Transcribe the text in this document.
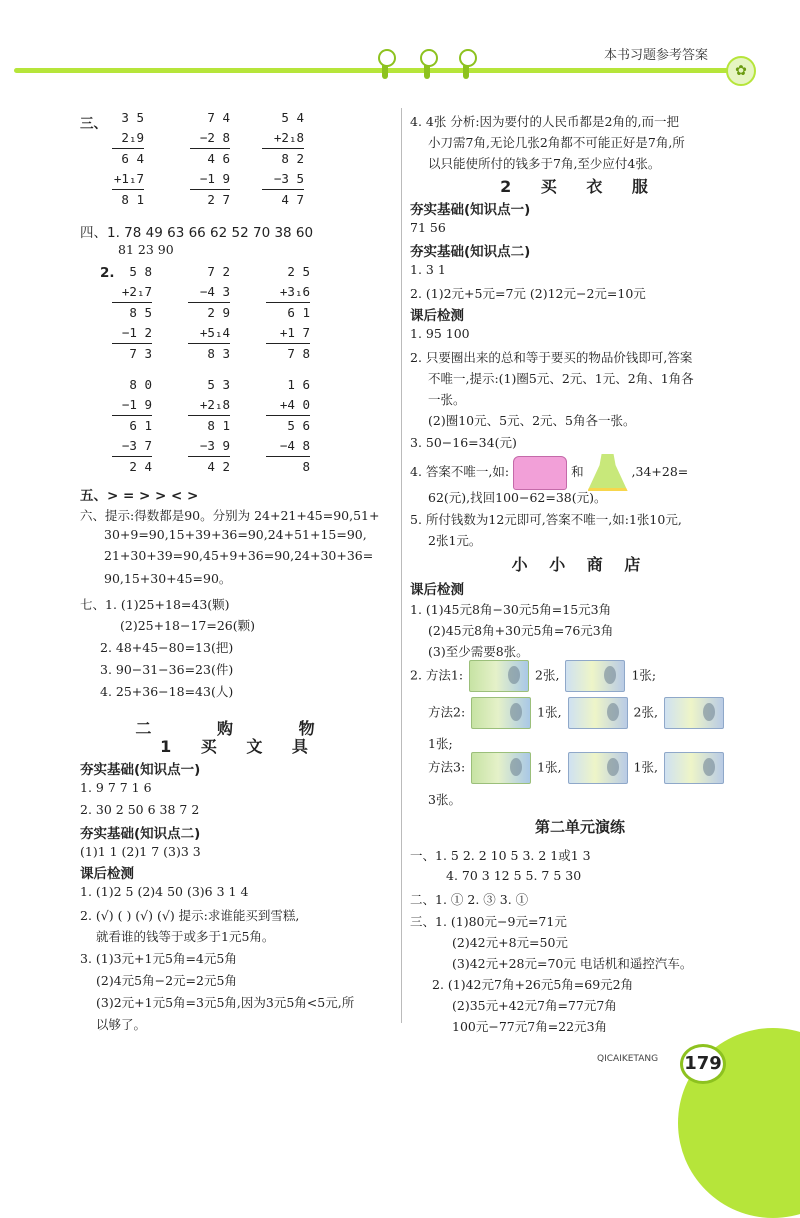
本书习题参考答案
✿
三、	3 5
2₁9
6 4
+1₁7
8 1
7 4
−2 8
4 6
−1 9
2 7
5 4
+2₁8
8 2
−3 5
4 7
四、1. 78 49 63 66 62 52 70 38 60
81 23 90
2.	5 8
+2₁7
8 5
−1 2
7 3
7 2
−4 3
2 9
+5₁4
8 3
2 5
+3₁6
6 1
+1 7
7 8
8 0
−1 9
6 1
−3 7
2 4
5 3
+2₁8
8 1
−3 9
4 2
1 6
+4 0
5 6
−4 8
8
五、> = > > < >
六、提示:得数都是90。分别为 24+21+45=90,51+
30+9=90,15+39+36=90,24+51+15=90,
21+30+39=90,45+9+36=90,24+30+36=
90,15+30+45=90。
七、1. (1)25+18=43(颗)
(2)25+18−17=26(颗)
2. 48+45−80=13(把)
3. 90−31−36=23(件)
4. 25+36−18=43(人)
二 购 物
1 买 文 具
夯实基础(知识点一)
1. 9 7 7 1 6
2. 30 2 50 6 38 7 2
夯实基础(知识点二)
(1)1 1 (2)1 7 (3)3 3
课后检测
1. (1)2 5 (2)4 50 (3)6 3 1 4
2. (√) ( ) (√) (√) 提示:求谁能买到雪糕,
就看谁的钱等于或多于1元5角。
3. (1)3元+1元5角=4元5角
(2)4元5角−2元=2元5角
(3)2元+1元5角=3元5角,因为3元5角<5元,所
以够了。
4. 4张 分析:因为要付的人民币都是2角的,而一把
小刀需7角,无论几张2角都不可能正好是7角,所
以只能使所付的钱多于7角,至少应付4张。
2 买 衣 服
夯实基础(知识点一)
71 56
夯实基础(知识点二)
1. 3 1
2. (1)2元+5元=7元 (2)12元−2元=10元
课后检测
1. 95 100
2. 只要圈出来的总和等于要买的物品价钱即可,答案
不唯一,提示:(1)圈5元、2元、1元、2角、1角各
一张。
(2)圈10元、5元、2元、5角各一张。
3. 50−16=34(元)
4. 答案不唯一,如:	和	,34+28=
62(元),找回100−62=38(元)。
5. 所付钱数为12元即可,答案不唯一,如:1张10元,
2张1元。
小 小 商 店
课后检测
1. (1)45元8角−30元5角=15元3角
(2)45元8角+30元5角=76元3角
(3)至少需要8张。
2. 方法1:	2张,	1张;
方法2:	1张,	2张,
1张;
方法3:	1张,	1张,
3张。
第二单元演练
一、1. 5 2. 2 10 5 3. 2 1或1 3
4. 70 3 12 5 5. 7 5 30
二、1. ① 2. ③ 3. ①
三、1. (1)80元−9元=71元
(2)42元+8元=50元
(3)42元+28元=70元 电话机和遥控汽车。
2. (1)42元7角+26元5角=69元2角
(2)35元+42元7角=77元7角
100元−77元7角=22元3角
QICAIKETANG 179
